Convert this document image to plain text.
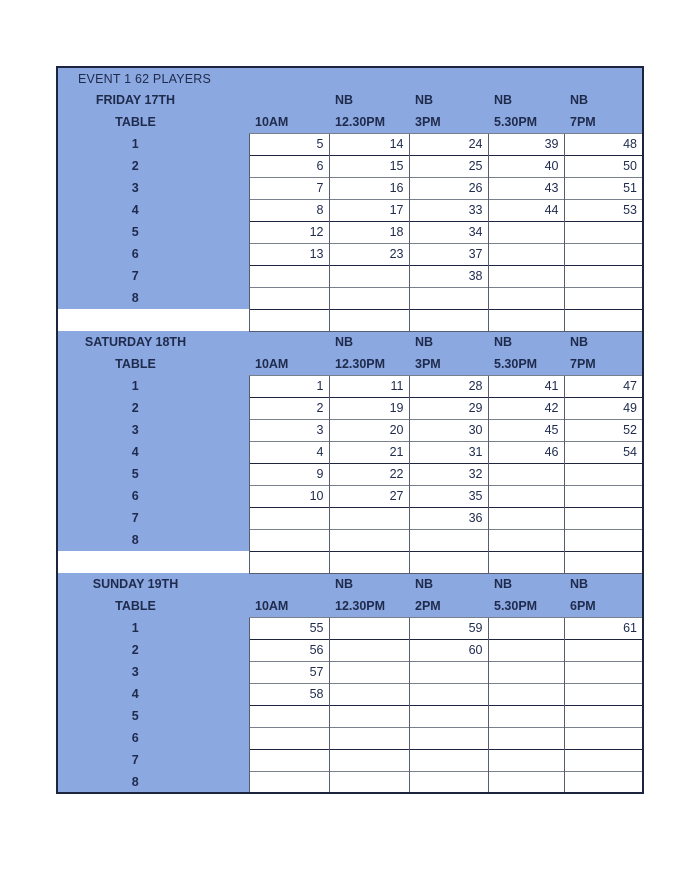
EVENT 1 62 PLAYERS					
FRIDAY 17TH		NB	NB	NB	NB
TABLE	10AM	12.30PM	3PM	5.30PM	7PM
1	5	14	24	39	48
2	6	15	25	40	50
3	7	16	26	43	51
4	8	17	33	44	53
5	12	18	34		
6	13	23	37		
7			38		
8					

SATURDAY 18TH		NB	NB	NB	NB
TABLE	10AM	12.30PM	3PM	5.30PM	7PM
1	1	11	28	41	47
2	2	19	29	42	49
3	3	20	30	45	52
4	4	21	31	46	54
5	9	22	32		
6	10	27	35		
7			36		
8					

SUNDAY 19TH		NB	NB	NB	NB
TABLE	10AM	12.30PM	2PM	5.30PM	6PM
1	55		59		61
2	56		60		
3	57				
4	58				
5					
6					
7					
8					
